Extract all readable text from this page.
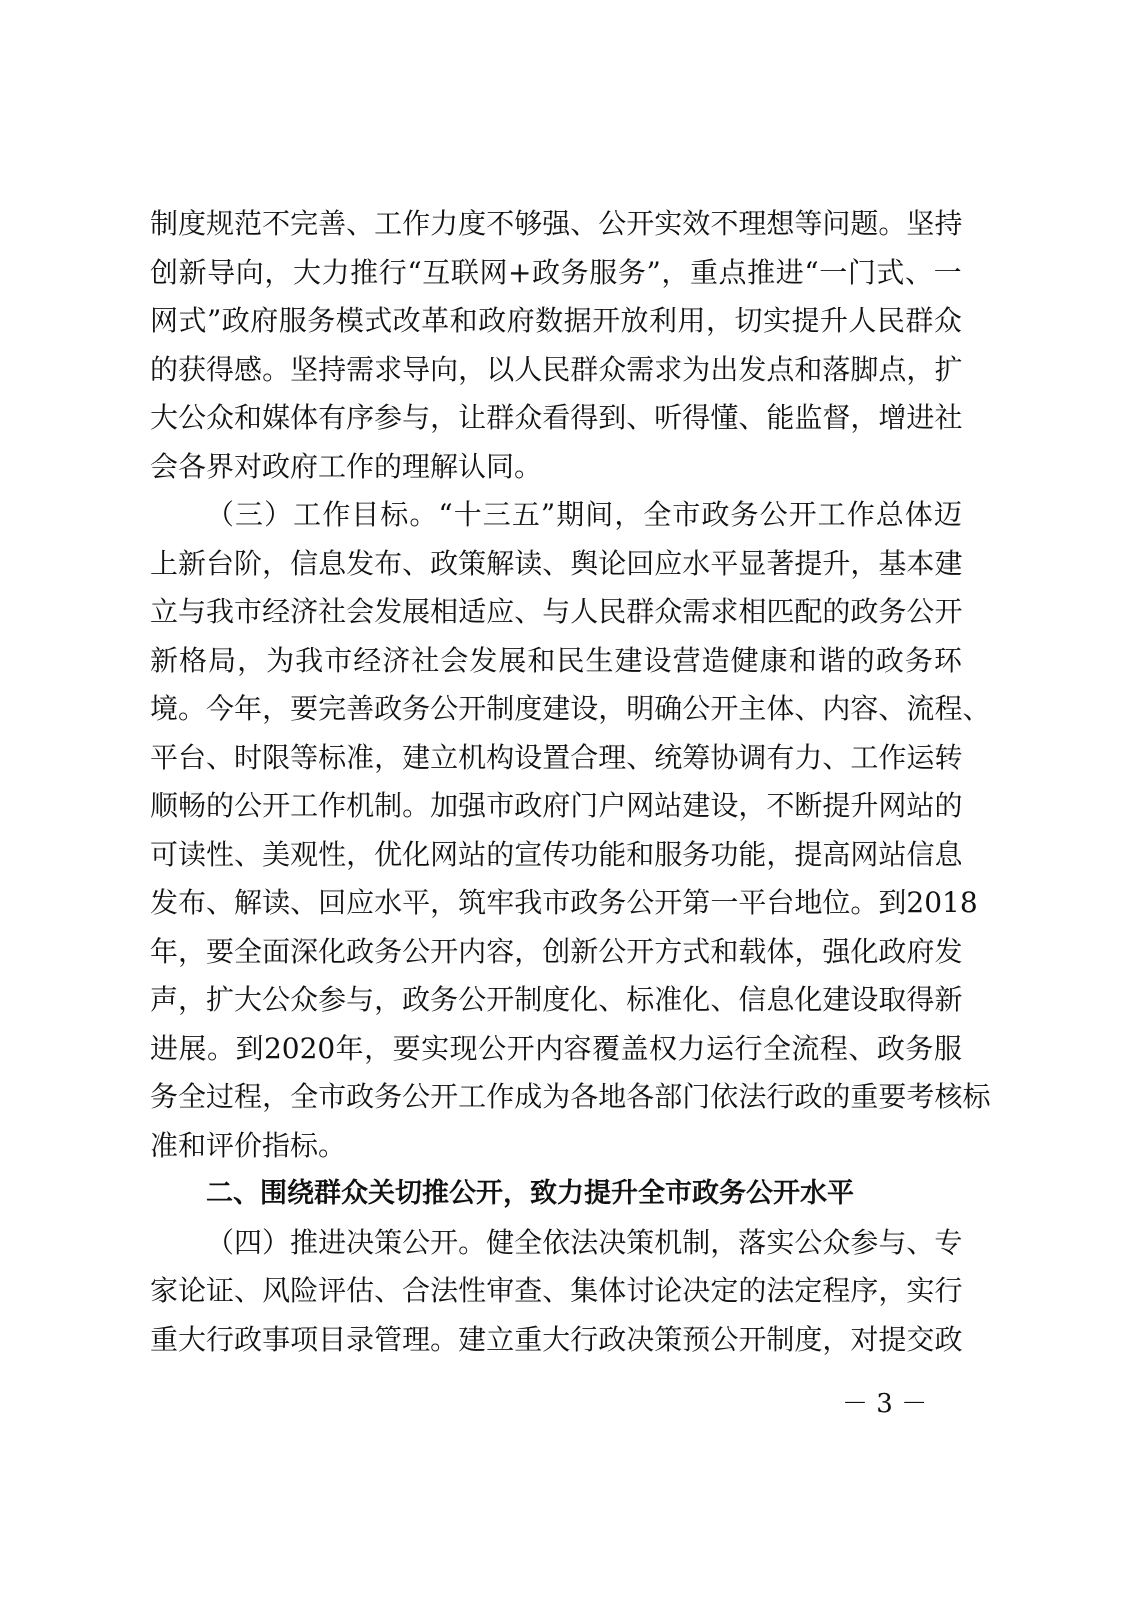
制 度 规 范 不 完 善 、 工 作 力 度 不 够 强 、 公 开 实 效 不 理 想 等 问 题 。 坚 持
创 新 导 向 ， 大 力 推 行 “ 互 联 网 + 政 务 服 务 ” ， 重 点 推 进 “ 一 门 式 、 一
网 式 ” 政 府 服 务 模 式 改 革 和 政 府 数 据 开 放 利 用 ， 切 实 提 升 人 民 群 众
的 获 得 感 。 坚 持 需 求 导 向 ， 以 人 民 群 众 需 求 为 出 发 点 和 落 脚 点 ， 扩
大 公 众 和 媒 体 有 序 参 与 ， 让 群 众 看 得 到 、 听 得 懂 、 能 监 督 ， 增 进 社
会各界对政府工作的理解认同。
（ 三 ） 工 作 目 标 。 “ 十 三 五 ” 期 间 ， 全 市 政 务 公 开 工 作 总 体 迈
上 新 台 阶 ， 信 息 发 布 、 政 策 解 读 、 舆 论 回 应 水 平 显 著 提 升 ， 基 本 建
立 与 我 市 经 济 社 会 发 展 相 适 应 、 与 人 民 群 众 需 求 相 匹 配 的 政 务 公 开
新 格 局 ， 为 我 市 经 济 社 会 发 展 和 民 生 建 设 营 造 健 康 和 谐 的 政 务 环
境 。 今 年 ， 要 完 善 政 务 公 开 制 度 建 设 ， 明 确 公 开 主 体 、 内 容 、 流 程 、
平 台 、 时 限 等 标 准 ， 建 立 机 构 设 置 合 理 、 统 筹 协 调 有 力 、 工 作 运 转
顺 畅 的 公 开 工 作 机 制 。 加 强 市 政 府 门 户 网 站 建 设 ， 不 断 提 升 网 站 的
可 读 性 、 美 观 性 ， 优 化 网 站 的 宣 传 功 能 和 服 务 功 能 ， 提 高 网 站 信 息
发 布 、 解 读 、 回 应 水 平 ， 筑 牢 我 市 政 务 公 开 第 一 平 台 地 位 。 到 2018
年 ， 要 全 面 深 化 政 务 公 开 内 容 ， 创 新 公 开 方 式 和 载 体 ， 强 化 政 府 发
声 ， 扩 大 公 众 参 与 ， 政 务 公 开 制 度 化 、 标 准 化 、 信 息 化 建 设 取 得 新
进 展 。 到 2020 年 ， 要 实 现 公 开 内 容 覆 盖 权 力 运 行 全 流 程 、 政 务 服
务 全 过 程 ， 全 市 政 务 公 开 工 作 成 为 各 地 各 部 门 依 法 行 政 的 重 要 考 核 标
准和评价指标。
二、围绕群众关切推公开，致力提升全市政务公开水平
（ 四 ） 推 进 决 策 公 开 。 健 全 依 法 决 策 机 制 ， 落 实 公 众 参 与 、 专
家 论 证 、 风 险 评 估 、 合 法 性 审 查 、 集 体 讨 论 决 定 的 法 定 程 序 ， 实 行
重 大 行 政 事 项 目 录 管 理 。 建 立 重 大 行 政 决 策 预 公 开 制 度 ， 对 提 交 政
－ 3 －
